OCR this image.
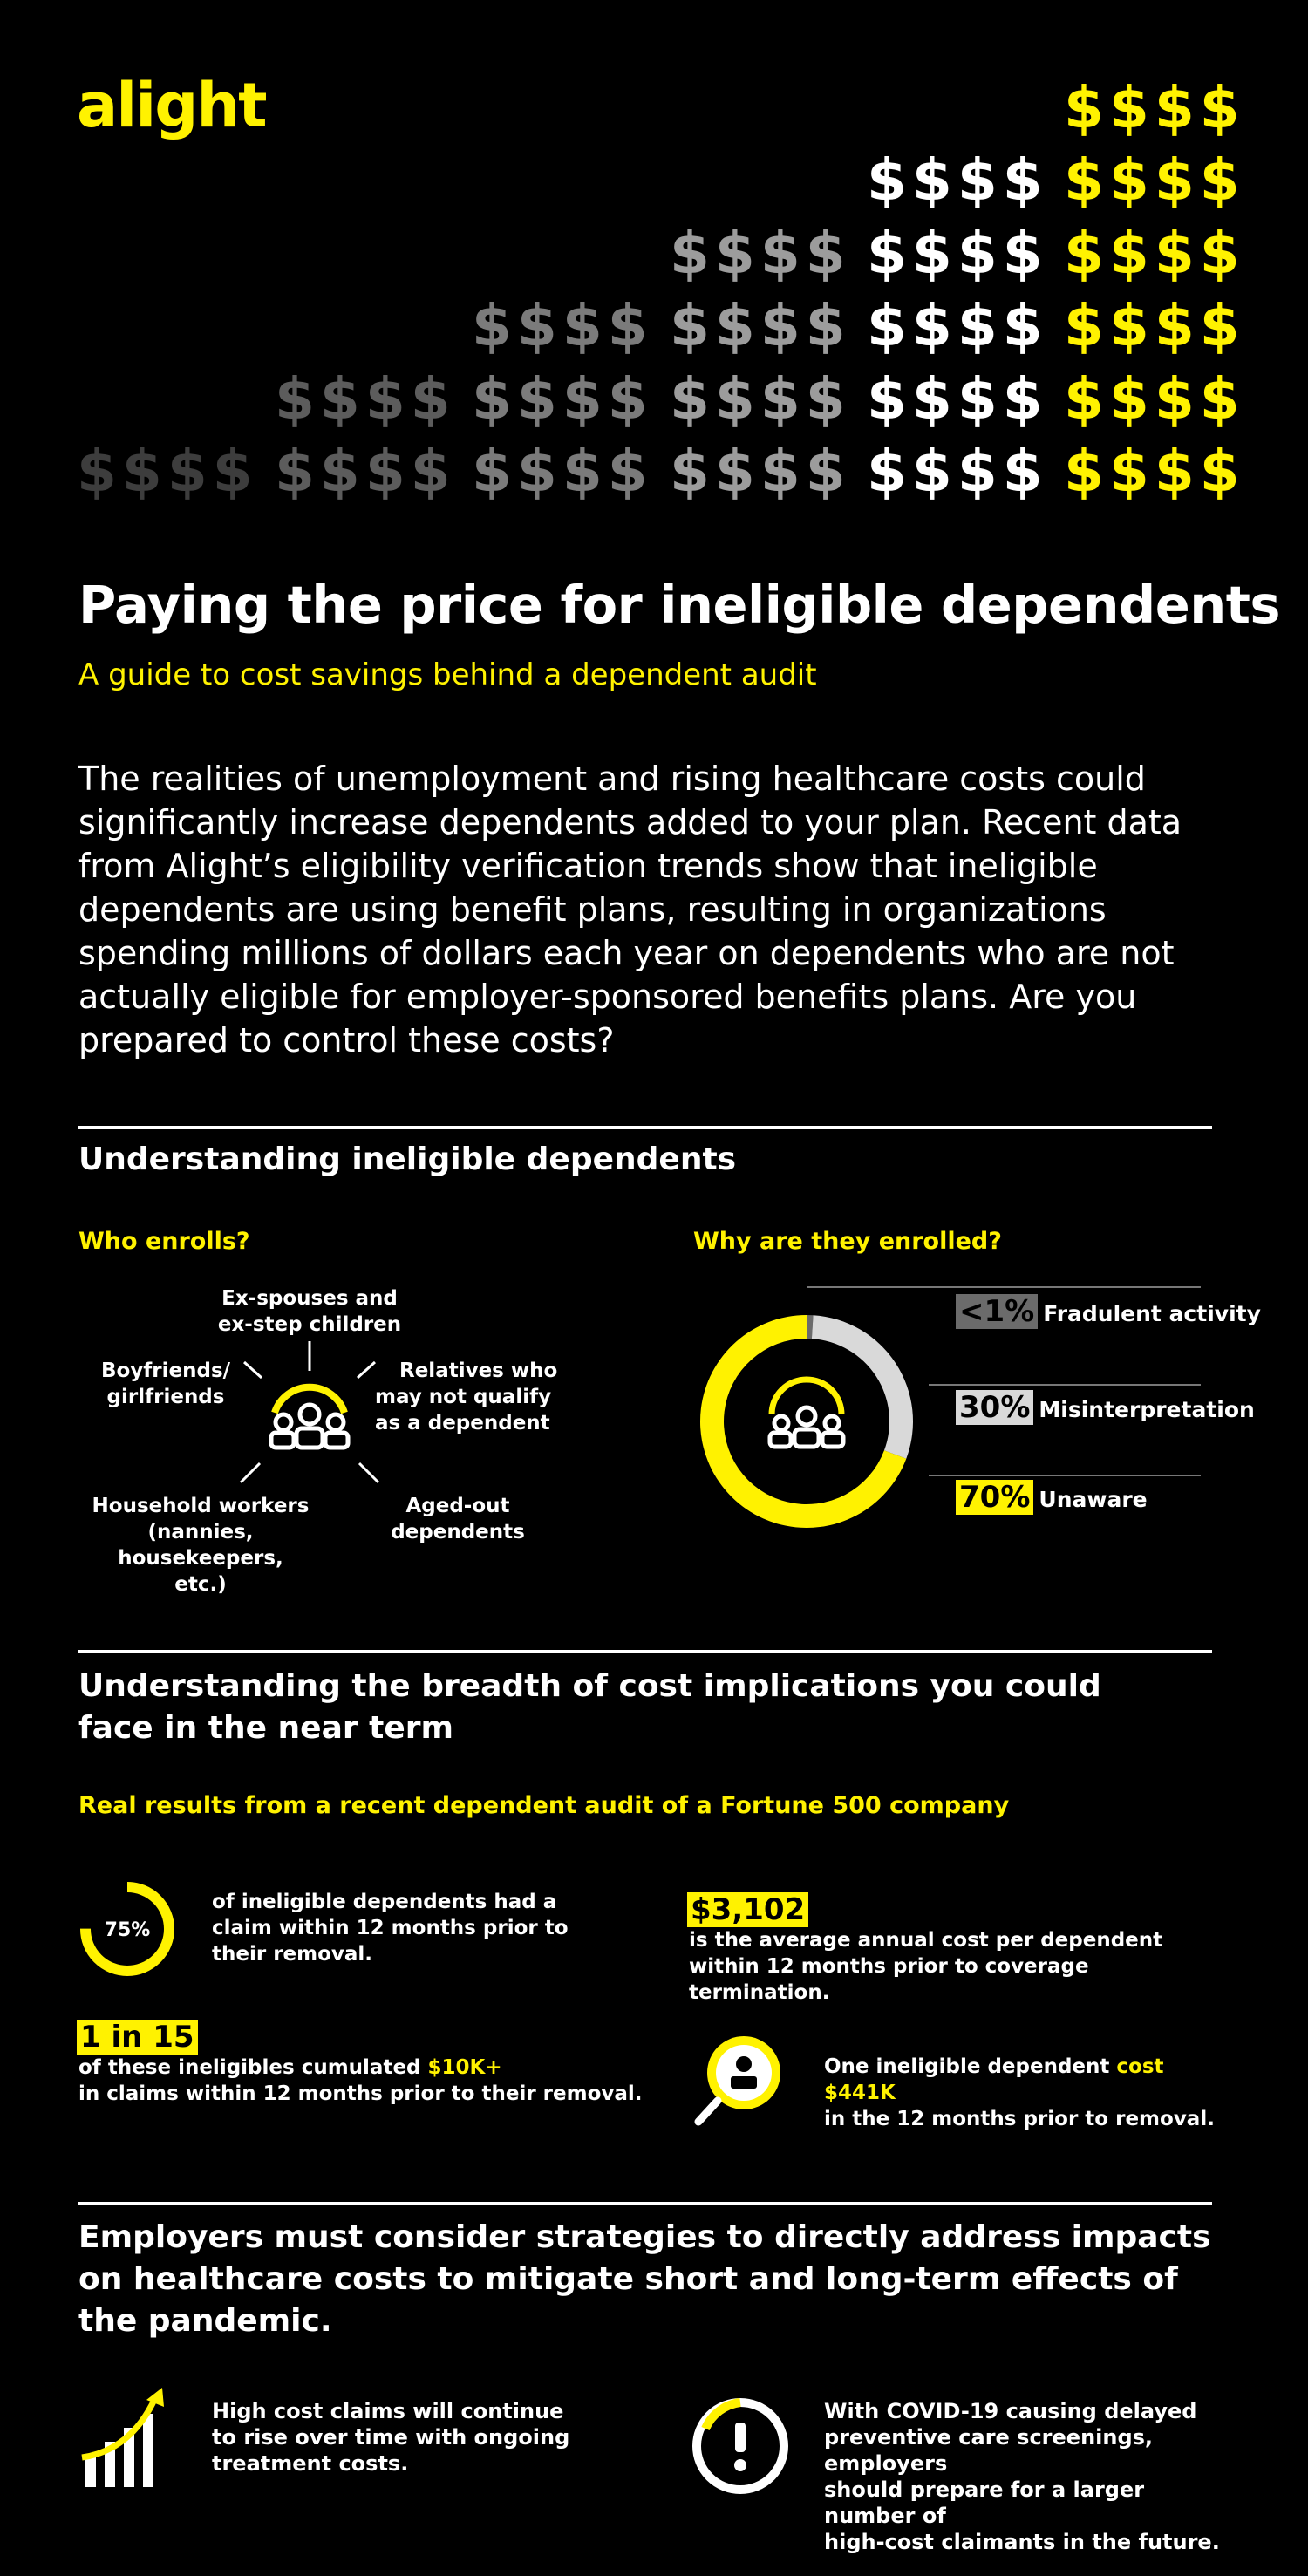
alight
$$$$ $$$$
$$$$
$$$$
$$$$
$$$$
$$$$
$$$$
$$$$
$$$$
$$$$
$$$$
$$$$
$$$$
$$$$
$$$$
$$$$
$$$$
$$$$
$$$$
$$$$
Paying the price for ineligible dependents
A guide to cost savings behind a dependent audit
The realities of unemployment and rising healthcare costs could significantly increase dependents added to your plan. Recent data from Alight’s eligibility verification trends show that ineligible dependents are using benefit plans, resulting in organizations spending millions of dollars each year on dependents who are not actually eligible for employer-sponsored benefits plans. Are you prepared to control these costs?
Understanding ineligible dependents
Who enrolls?	Why are they enrolled?
Ex-spouses and
ex-step children
Boyfriends/
girlfriends
Relatives who
may not qualify
as a dependent
Household workers
(nannies, housekeepers,
etc.)
Aged-out
dependents
<1% Fradulent activity
30% Misinterpretation
70% Unaware
Understanding the breadth of cost implications you could
face in the near term
Real results from a recent dependent audit of a Fortune 500 company
75%
of ineligible dependents had a
claim within 12 months prior to
their removal.
$3,102
is the average annual cost per dependent
within 12 months prior to coverage termination.
1 in 15
of these ineligibles cumulated $10K+
in claims within 12 months prior to their removal.
One ineligible dependent cost $441K
in the 12 months prior to removal.
Employers must consider strategies to directly address impacts
on healthcare costs to mitigate short and long-term effects of
the pandemic.
High cost claims will continue
to rise over time with ongoing
treatment costs.
With COVID-19 causing delayed
preventive care screenings, employers
should prepare for a larger number of
high-cost claimants in the future.
